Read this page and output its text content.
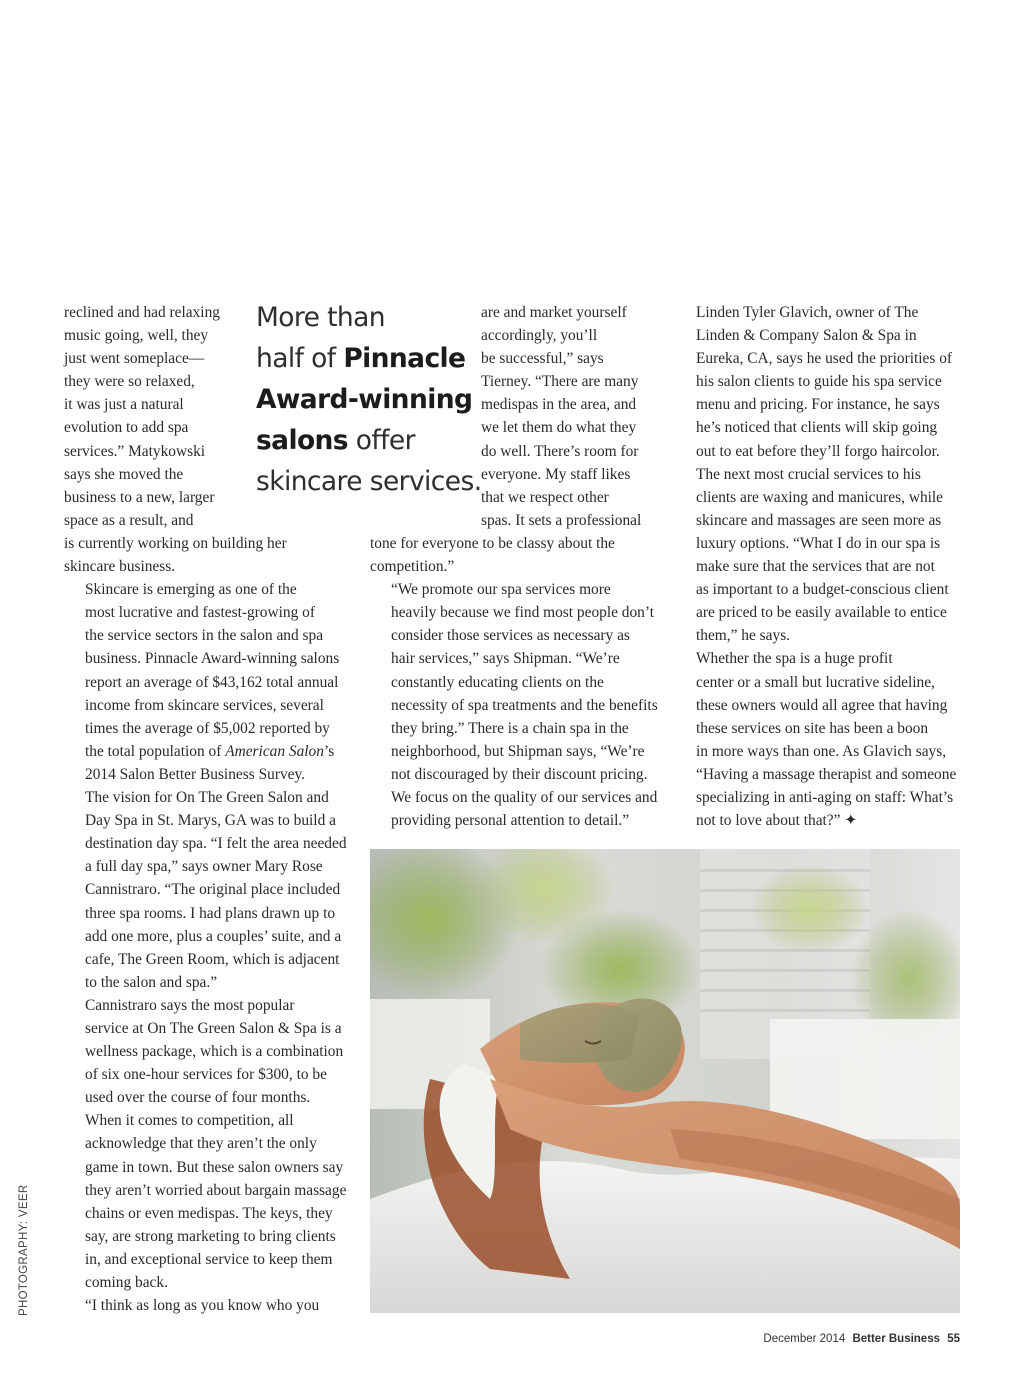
reclined and had relaxing
music going, well, they
just went someplace—
they were so relaxed,
it was just a natural
evolution to add spa
services.” Matykowski
says she moved the
business to a new, larger
space as a result, and

is currently working on building her
skincare business.

Skincare is emerging as one of the
most lucrative and fastest-growing of
the service sectors in the salon and spa
business. Pinnacle Award-winning salons
report an average of $43,162 total annual
income from skincare services, several
times the average of $5,002 reported by
the total population of American Salon’s
2014 Salon Better Business Survey.

The vision for On The Green Salon and
Day Spa in St. Marys, GA was to build a
destination day spa. “I felt the area needed
a full day spa,” says owner Mary Rose
Cannistraro. “The original place included
three spa rooms. I had plans drawn up to
add one more, plus a couples’ suite, and a
cafe, The Green Room, which is adjacent
to the salon and spa.”

Cannistraro says the most popular
service at On The Green Salon & Spa is a
wellness package, which is a combination
of six one-hour services for $300, to be
used over the course of four months.

When it comes to competition, all
acknowledge that they aren’t the only
game in town. But these salon owners say
they aren’t worried about bargain massage
chains or even medispas. The keys, they
say, are strong marketing to bring clients
in, and exceptional service to keep them
coming back.

“I think as long as you know who you

More than
half of Pinnacle
Award-winning
salons offer
skincare services.
are and market yourself
accordingly, you’ll
be successful,” says
Tierney. “There are many
medispas in the area, and
we let them do what they
do well. There’s room for
everyone. My staff likes
that we respect other
spas. It sets a professional

tone for everyone to be classy about the
competition.”

“We promote our spa services more
heavily because we find most people don’t
consider those services as necessary as
hair services,” says Shipman. “We’re
constantly educating clients on the
necessity of spa treatments and the benefits
they bring.” There is a chain spa in the
neighborhood, but Shipman says, “We’re
not discouraged by their discount pricing.
We focus on the quality of our services and
providing personal attention to detail.”

Linden Tyler Glavich, owner of The
Linden & Company Salon & Spa in
Eureka, CA, says he used the priorities of
his salon clients to guide his spa service
menu and pricing. For instance, he says
he’s noticed that clients will skip going
out to eat before they’ll forgo haircolor.
The next most crucial services to his
clients are waxing and manicures, while
skincare and massages are seen more as
luxury options. “What I do in our spa is
make sure that the services that are not
as important to a budget-conscious client
are priced to be easily available to entice
them,” he says.

Whether the spa is a huge profit
center or a small but lucrative sideline,
these owners would all agree that having
these services on site has been a boon
in more ways than one. As Glavich says,
“Having a massage therapist and someone
specializing in anti-aging on staff: What’s
not to love about that?” ✦

PHOTOGRAPHY: VEER
December 2014 Better Business 55
